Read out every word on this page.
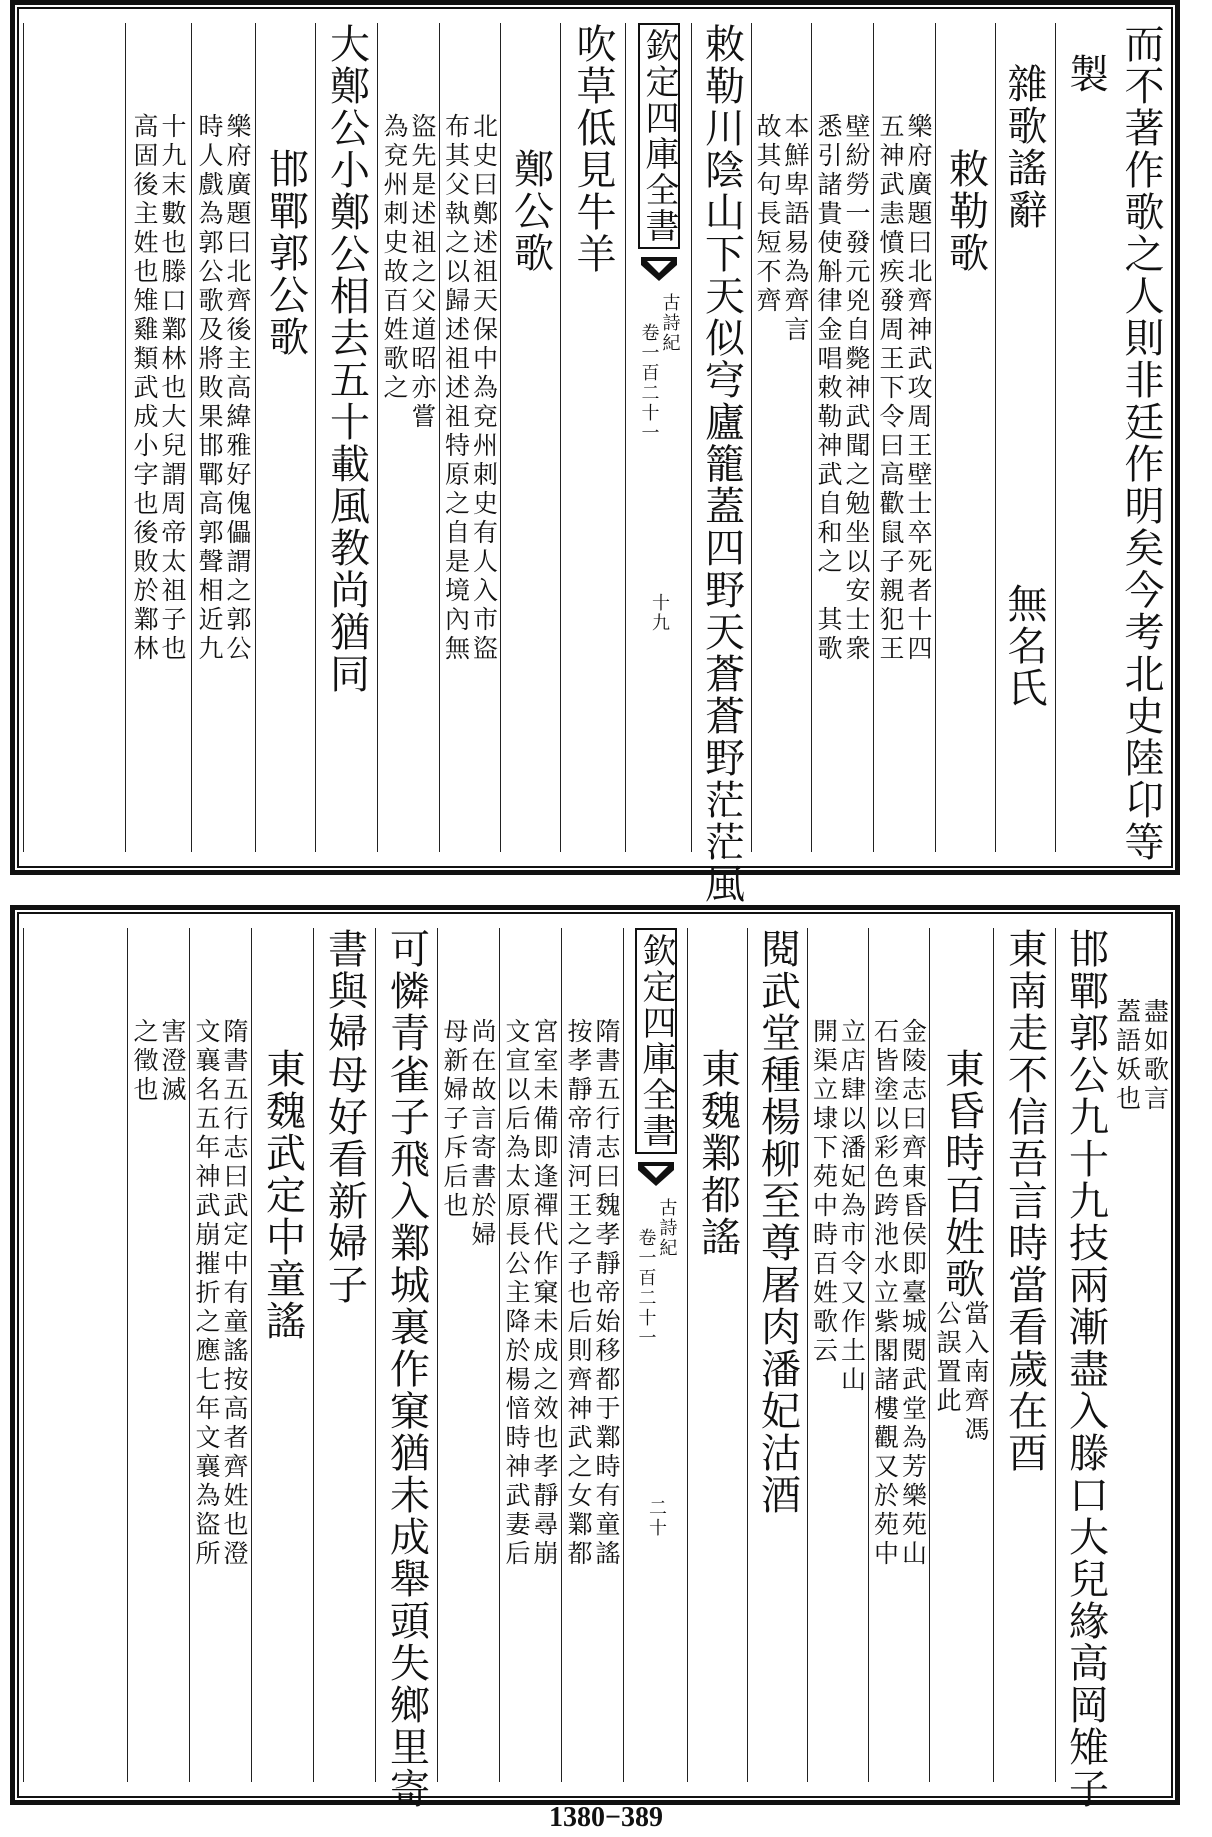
而不著作歌之人則非廷作明矣今考北史陸卬等
製
雜歌謠辭
無名氏
敕勒歌
樂府廣題曰北齊神武攻周王壁士卒死者十四
五神武恚憤疾發周王下令曰高歡鼠子親犯王
壁紛勞一發元兇自斃神武聞之勉坐以安士衆
悉引諸貴使斛律金唱敕勒神武自和之　其歌
本鮮卑語易為齊言
故其句長短不齊
敕勒川陰山下天似穹廬籠蓋四野天蒼蒼野茫茫風
欽定四庫全書
古詩紀
卷一百二十一
十九
吹草低見牛羊
鄭公歌
北史曰鄭述祖天保中為兗州刺史有人入市盜
布其父執之以歸述祖述祖特原之自是境內無
盜先是述祖之父道昭亦嘗
為兗州刺史故百姓歌之
大鄭公小鄭公相去五十載風教尚猶同
邯鄲郭公歌
樂府廣題曰北齊後主高緯雅好傀儡謂之郭公
時人戲為郭公歌及將敗果邯鄲高郭聲相近九
十九末數也滕口鄴林也大兒謂周帝太祖子也
高固後主姓也雉雞類武成小字也後敗於鄴林
盡如歌言
蓋語妖也
邯鄲郭公九十九技兩漸盡入滕口大兒緣高岡雉子
東南走不信吾言時當看歲在酉
東昏時百姓歌
當入南齊馮
公誤置此
金陵志曰齊東昏侯即臺城閱武堂為芳樂苑山
石皆塗以彩色跨池水立紫閣諸樓觀又於苑中
立店肆以潘妃為市令又作土山
開渠立埭下苑中時百姓歌云
閱武堂種楊柳至尊屠肉潘妃沽酒
東魏鄴都謠
欽定四庫全書
古詩紀
卷一百二十一
二十
隋書五行志曰魏孝靜帝始移都于鄴時有童謠
按孝靜帝清河王之子也后則齊神武之女鄴都
宮室未備即逢禪代作窠未成之效也孝靜尋崩
文宣以后為太原長公主降於楊愔時神武妻后
尚在故言寄書於婦
母新婦子斥后也
可憐青雀子飛入鄴城裏作窠猶未成舉頭失鄉里寄
書與婦母好看新婦子
東魏武定中童謠
隋書五行志曰武定中有童謠按高者齊姓也澄
文襄名五年神武崩摧折之應七年文襄為盜所
害澄滅
之徵也
1380−389
